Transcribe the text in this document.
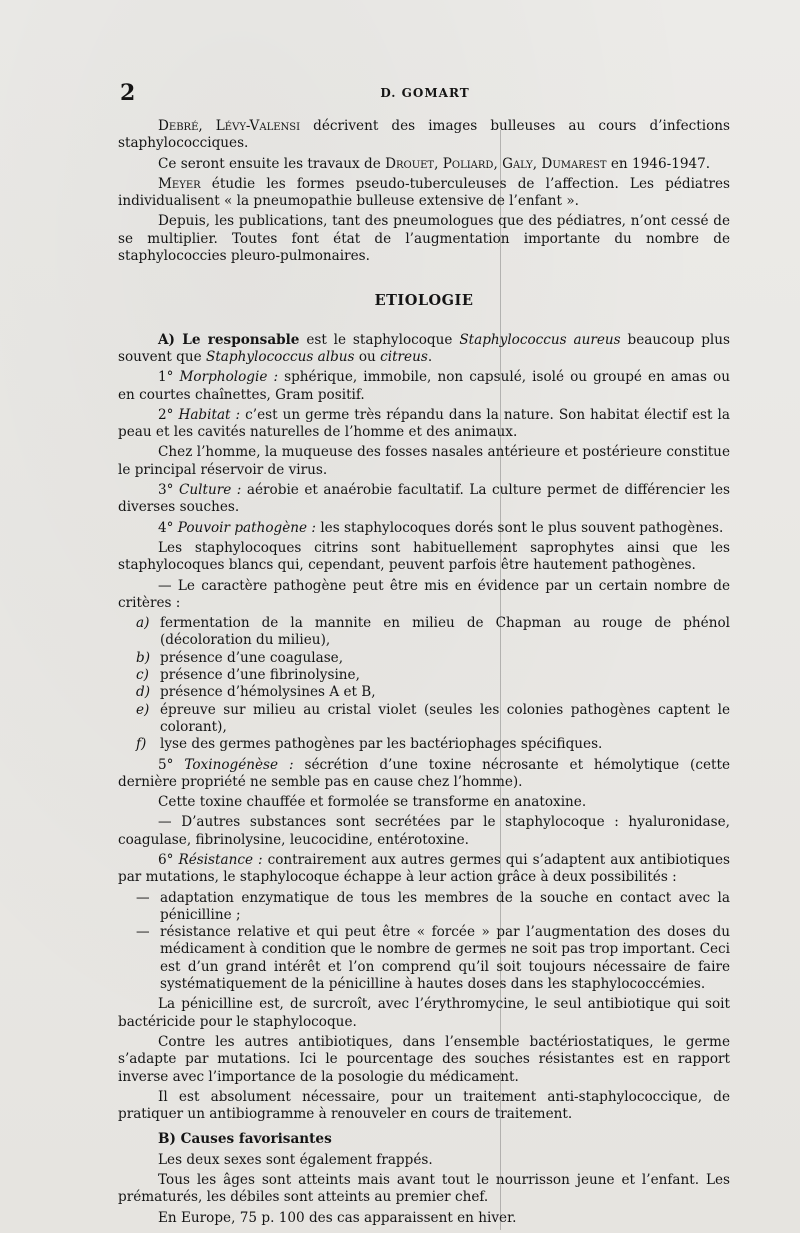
2	D. GOMART

Debré, Lévy-Valensi décrivent des images bulleuses au cours d’infections staphylococciques.

Ce seront ensuite les travaux de Drouet, Poliard, Galy, Dumarest en 1946-1947.

Meyer étudie les formes pseudo-tuberculeuses de l’affection. Les pédiatres individualisent « la pneumopathie bulleuse extensive de l’enfant ».

Depuis, les publications, tant des pneumologues que des pédiatres, n’ont cessé de se multiplier. Toutes font état de l’augmentation importante du nombre de staphylococcies pleuro-pulmonaires.

ETIOLOGIE

A) Le responsable est le staphylocoque Staphylococcus aureus beaucoup plus souvent que Staphylococcus albus ou citreus.

1° Morphologie : sphérique, immobile, non capsulé, isolé ou groupé en amas ou en courtes chaînettes, Gram positif.

2° Habitat : c’est un germe très répandu dans la nature. Son habitat électif est la peau et les cavités naturelles de l’homme et des animaux.

Chez l’homme, la muqueuse des fosses nasales antérieure et postérieure constitue le principal réservoir de virus.

3° Culture : aérobie et anaérobie facultatif. La culture permet de différencier les diverses souches.

4° Pouvoir pathogène : les staphylocoques dorés sont le plus souvent pathogènes.

Les staphylocoques citrins sont habituellement saprophytes ainsi que les staphylocoques blancs qui, cependant, peuvent parfois être hautement pathogènes.

— Le caractère pathogène peut être mis en évidence par un certain nombre de critères :

a) fermentation de la mannite en milieu de Chapman au rouge de phénol (décoloration du milieu),
b) présence d’une coagulase,
c) présence d’une fibrinolysine,
d) présence d’hémolysines A et B,
e) épreuve sur milieu au cristal violet (seules les colonies pathogènes captent le colorant),
f) lyse des germes pathogènes par les bactériophages spécifiques.

5° Toxinogénèse : sécrétion d’une toxine nécrosante et hémolytique (cette dernière propriété ne semble pas en cause chez l’homme).

Cette toxine chauffée et formolée se transforme en anatoxine.

— D’autres substances sont secrétées par le staphylocoque : hyaluronidase, coagulase, fibrinolysine, leucocidine, entérotoxine.

6° Résistance : contrairement aux autres germes qui s’adaptent aux antibiotiques par mutations, le staphylocoque échappe à leur action grâce à deux possibilités :

— adaptation enzymatique de tous les membres de la souche en contact avec la pénicilline ;
— résistance relative et qui peut être « forcée » par l’augmentation des doses du médicament à condition que le nombre de germes ne soit pas trop important. Ceci est d’un grand intérêt et l’on comprend qu’il soit toujours nécessaire de faire systématiquement de la pénicilline à hautes doses dans les staphylococcémies.

La pénicilline est, de surcroît, avec l’érythromycine, le seul antibiotique qui soit bactéricide pour le staphylocoque.

Contre les autres antibiotiques, dans l’ensemble bactériostatiques, le germe s’adapte par mutations. Ici le pourcentage des souches résistantes est en rapport inverse avec l’importance de la posologie du médicament.

Il est absolument nécessaire, pour un traitement anti-staphylococcique, de pratiquer un antibiogramme à renouveler en cours de traitement.

B) Causes favorisantes

Les deux sexes sont également frappés.

Tous les âges sont atteints mais avant tout le nourrisson jeune et l’enfant. Les prématurés, les débiles sont atteints au premier chef.

En Europe, 75 p. 100 des cas apparaissent en hiver.
